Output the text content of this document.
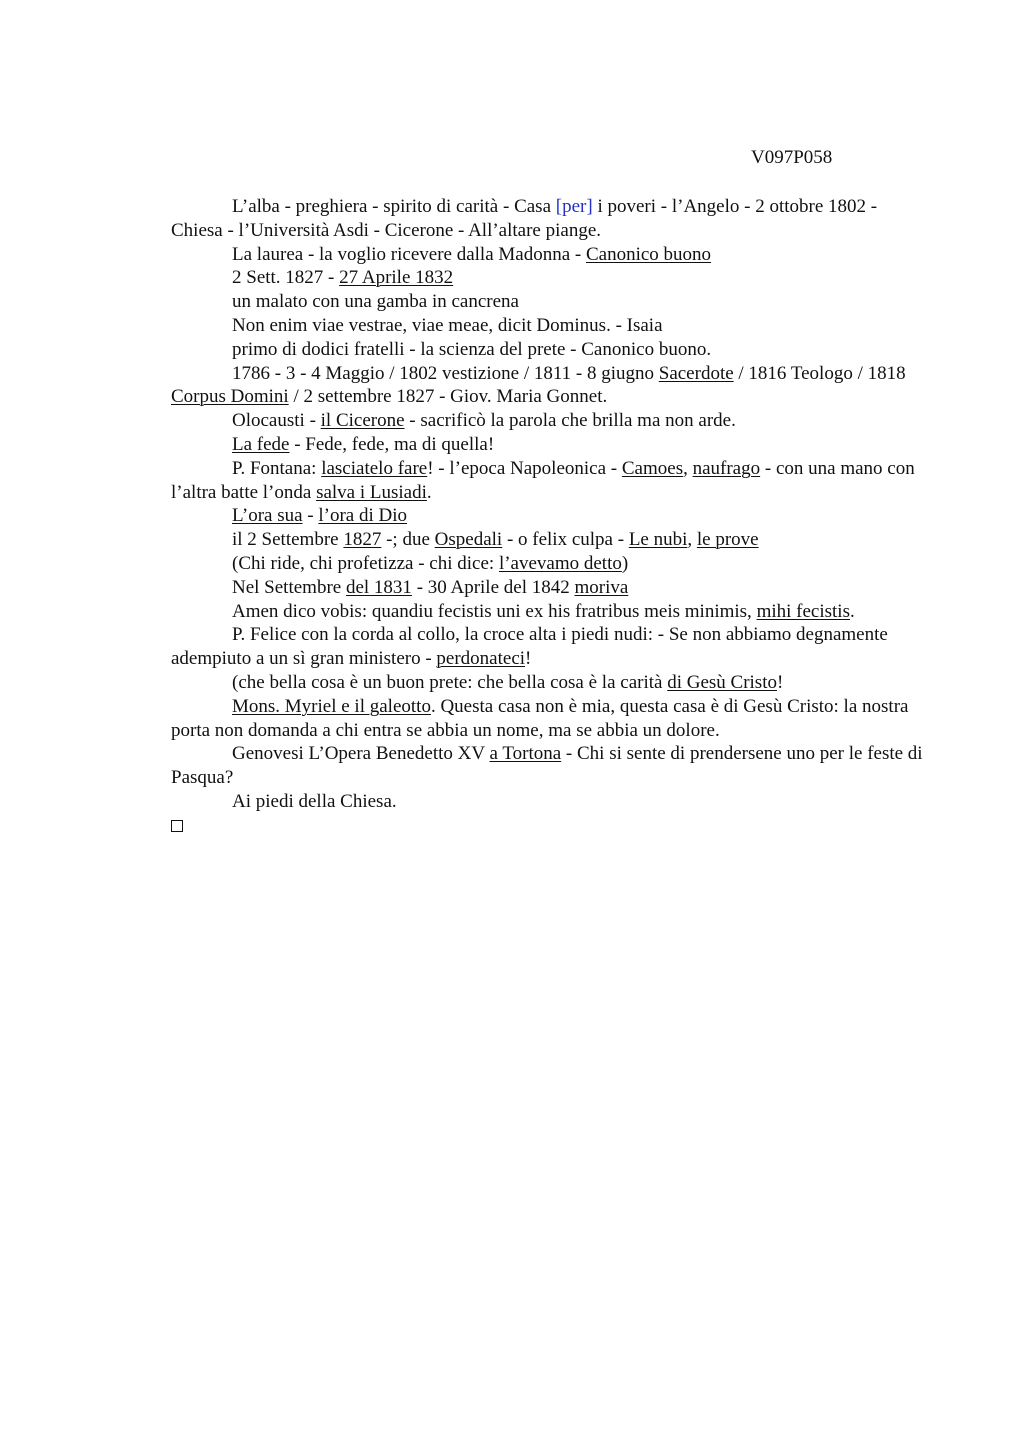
V097P058

L’alba - preghiera - spirito di carità - Casa [per] i poveri - l’Angelo - 2 ottobre 1802 - Chiesa - l’Università Asdi - Cicerone - All’altare piange.

La laurea - la voglio ricevere dalla Madonna - Canonico buono

2 Sett. 1827 - 27 Aprile 1832

un malato con una gamba in cancrena

Non enim viae vestrae, viae meae, dicit Dominus. - Isaia

primo di dodici fratelli - la scienza del prete - Canonico buono.

1786 - 3 - 4 Maggio / 1802 vestizione / 1811 - 8 giugno Sacerdote / 1816 Teologo / 1818 Corpus Domini / 2 settembre 1827 - Giov. Maria Gonnet.

Olocausti - il Cicerone - sacrificò la parola che brilla ma non arde.

La fede - Fede, fede, ma di quella!

P. Fontana: lasciatelo fare! - l’epoca Napoleonica - Camoes, naufrago - con una mano con l’altra batte l’onda salva i Lusiadi.

L’ora sua - l’ora di Dio

il 2 Settembre 1827 -; due Ospedali - o felix culpa - Le nubi, le prove

(Chi ride, chi profetizza - chi dice: l’avevamo detto)

Nel Settembre del 1831 - 30 Aprile del 1842 moriva

Amen dico vobis: quandiu fecistis uni ex his fratribus meis minimis, mihi fecistis.

P. Felice con la corda al collo, la croce alta i piedi nudi: - Se non abbiamo degnamente adempiuto a un sì gran ministero - perdonateci!

(che bella cosa è un buon prete: che bella cosa è la carità di Gesù Cristo!

Mons. Myriel e il galeotto. Questa casa non è mia, questa casa è di Gesù Cristo: la nostra porta non domanda a chi entra se abbia un nome, ma se abbia un dolore.

Genovesi L’Opera Benedetto XV a Tortona - Chi si sente di prendersene uno per le feste di Pasqua?

Ai piedi della Chiesa.
